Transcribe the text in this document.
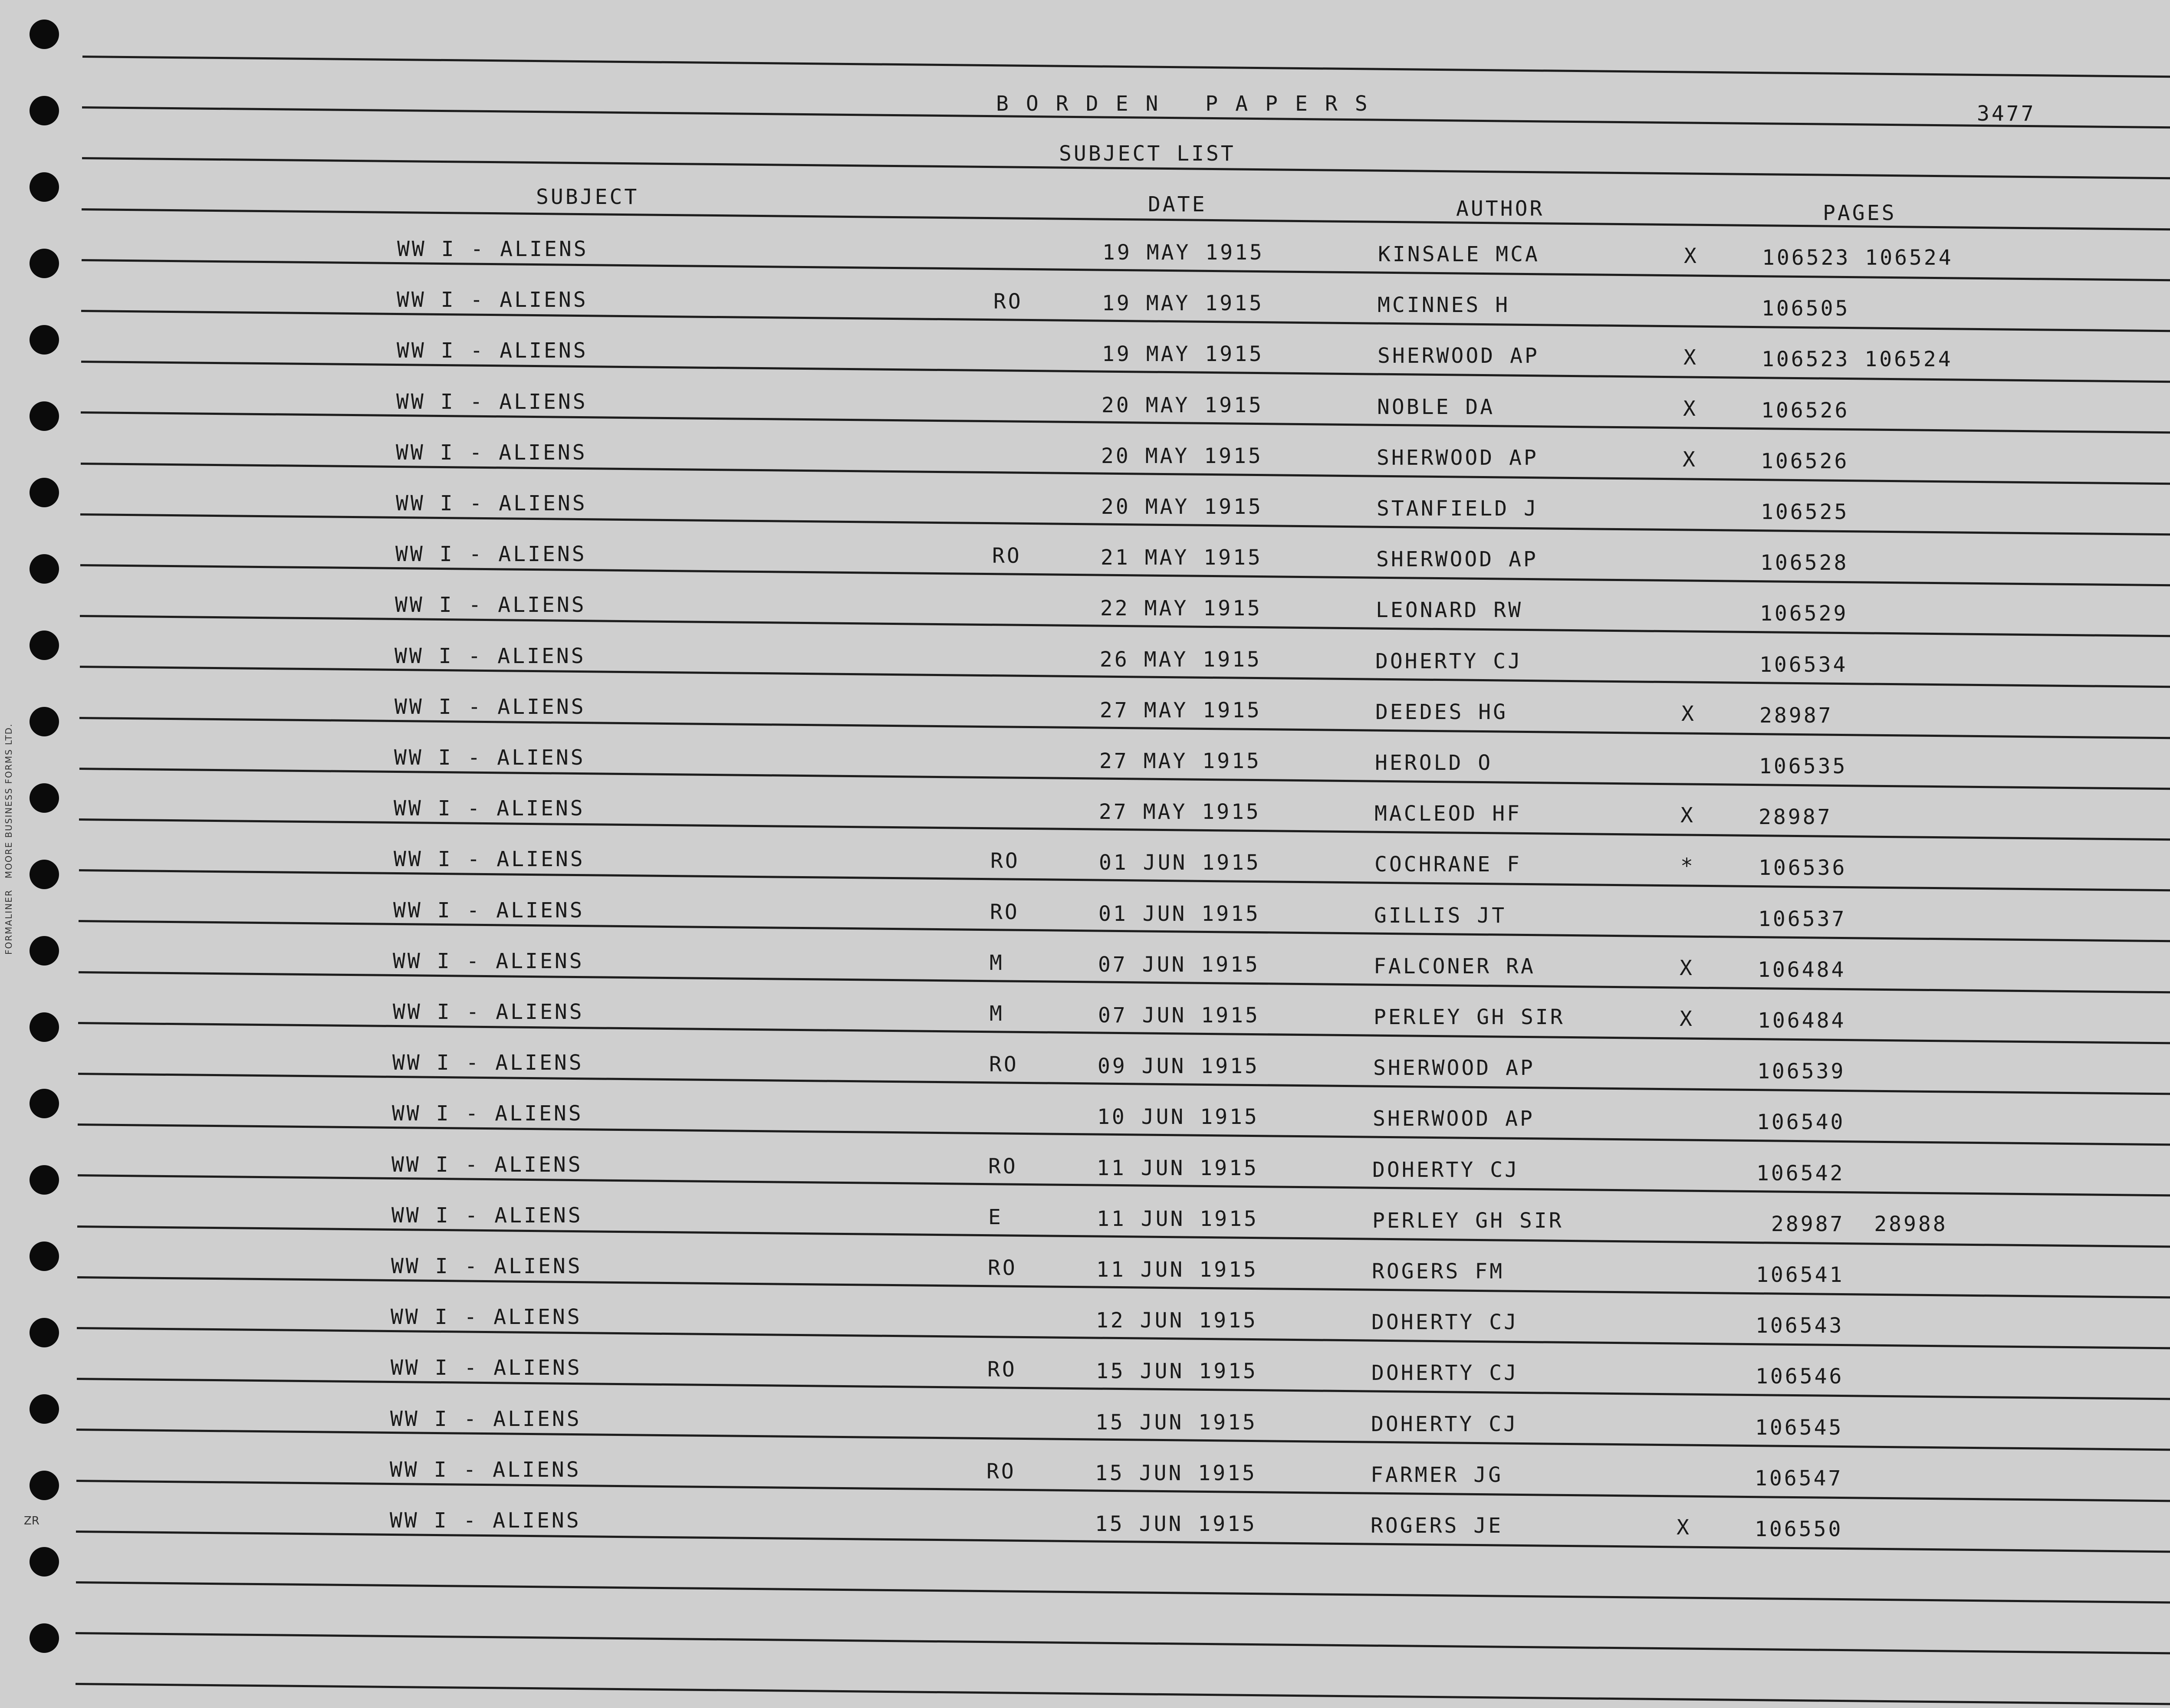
BORDEN PAPERS	3477
SUBJECT LIST
SUBJECT	DATE	AUTHOR	PAGES
WW I - ALIENS	19 MAY 1915	KINSALE MCA	X	106523 106524
WW I - ALIENS	RO	19 MAY 1915	MCINNES H	106505
WW I - ALIENS	19 MAY 1915	SHERWOOD AP	X	106523 106524
WW I - ALIENS	20 MAY 1915	NOBLE DA	X	106526
WW I - ALIENS	20 MAY 1915	SHERWOOD AP	X	106526
WW I - ALIENS	20 MAY 1915	STANFIELD J	106525
WW I - ALIENS	RO	21 MAY 1915	SHERWOOD AP	106528
WW I - ALIENS	22 MAY 1915	LEONARD RW	106529
WW I - ALIENS	26 MAY 1915	DOHERTY CJ	106534
WW I - ALIENS	27 MAY 1915	DEEDES HG	X	28987
WW I - ALIENS	27 MAY 1915	HEROLD O	106535
WW I - ALIENS	27 MAY 1915	MACLEOD HF	X	28987
WW I - ALIENS	RO	01 JUN 1915	COCHRANE F	*	106536
WW I - ALIENS	RO	01 JUN 1915	GILLIS JT	106537
WW I - ALIENS	M	07 JUN 1915	FALCONER RA	X	106484
WW I - ALIENS	M	07 JUN 1915	PERLEY GH SIR	X	106484
WW I - ALIENS	RO	09 JUN 1915	SHERWOOD AP	106539
WW I - ALIENS	10 JUN 1915	SHERWOOD AP	106540
WW I - ALIENS	RO	11 JUN 1915	DOHERTY CJ	106542
WW I - ALIENS	E	11 JUN 1915	PERLEY GH SIR	28987  28988
WW I - ALIENS	RO	11 JUN 1915	ROGERS FM	106541
WW I - ALIENS	12 JUN 1915	DOHERTY CJ	106543
WW I - ALIENS	RO	15 JUN 1915	DOHERTY CJ	106546
WW I - ALIENS	15 JUN 1915	DOHERTY CJ	106545
WW I - ALIENS	RO	15 JUN 1915	FARMER JG	106547
WW I - ALIENS	15 JUN 1915	ROGERS JE	X	106550
FORMALINER   MOORE BUSINESS FORMS LTD.
ZR
